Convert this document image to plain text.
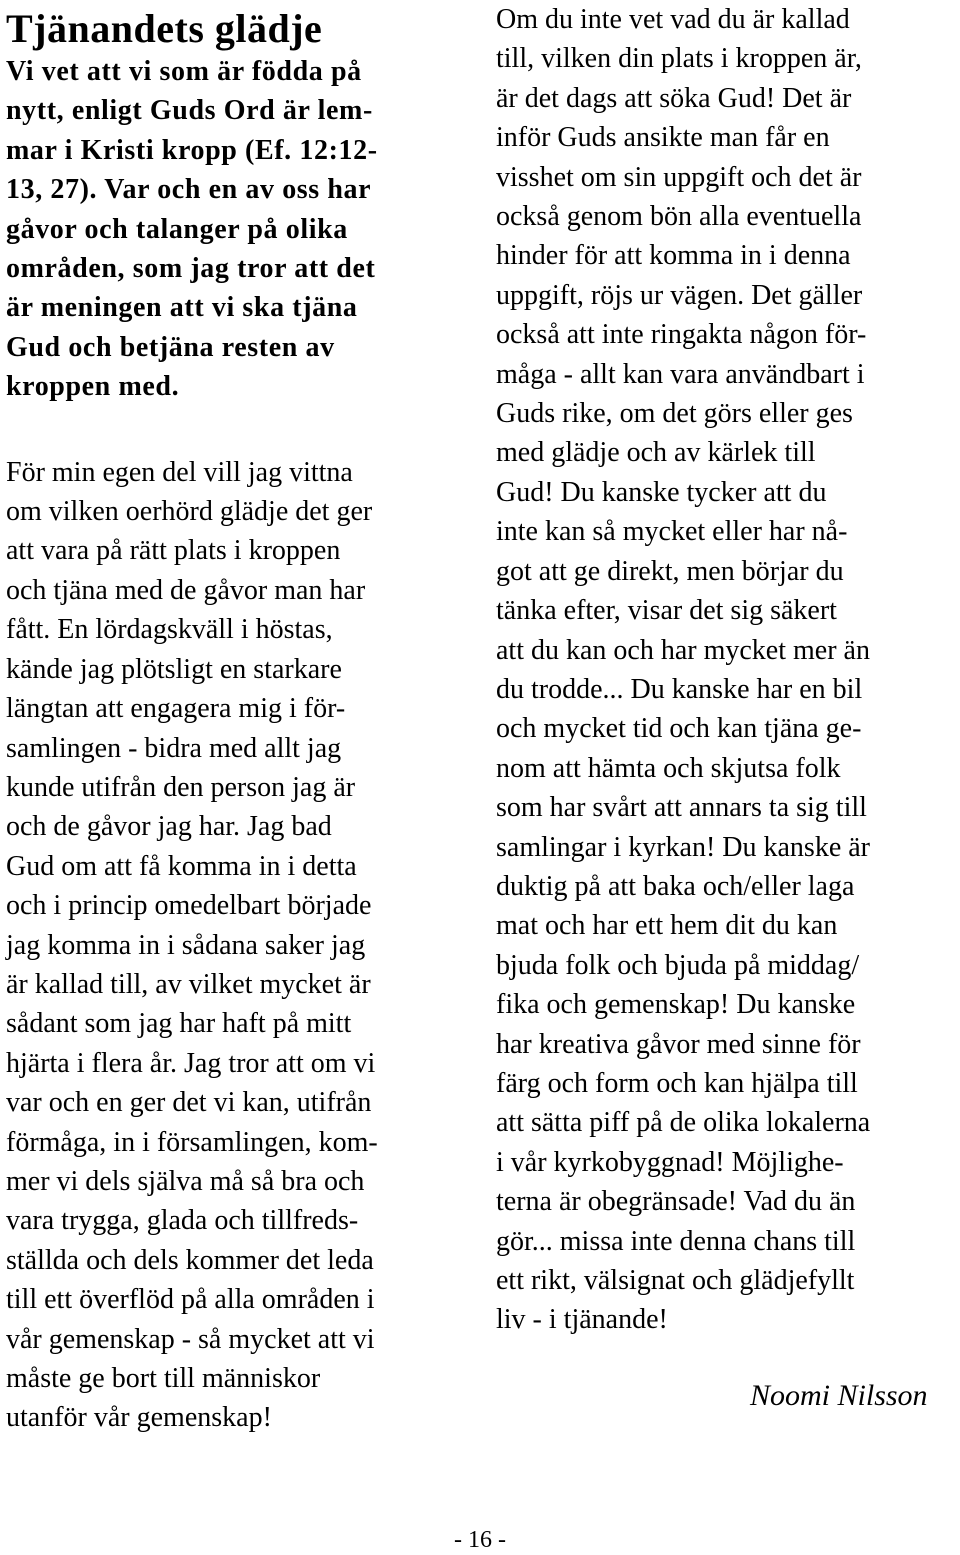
Tjänandets glädje

Vi vet att vi som är födda på
nytt, enligt Guds Ord är lem-
mar i Kristi kropp (Ef. 12:12-
13, 27). Var och en av oss har
gåvor och talanger på olika
områden, som jag tror att det
är meningen att vi ska tjäna
Gud och betjäna resten av
kroppen med.

För min egen del vill jag vittna
om vilken oerhörd glädje det ger
att vara på rätt plats i kroppen
och tjäna med de gåvor man har
fått. En lördagskväll i höstas,
kände jag plötsligt en starkare
längtan att engagera mig i för-
samlingen - bidra med allt jag
kunde utifrån den person jag är
och de gåvor jag har. Jag bad
Gud om att få komma in i detta
och i princip omedelbart började
jag komma in i sådana saker jag
är kallad till, av vilket mycket är
sådant som jag har haft på mitt
hjärta i flera år. Jag tror att om vi
var och en ger det vi kan, utifrån
förmåga, in i församlingen, kom-
mer vi dels själva må så bra och
vara trygga, glada och tillfreds-
ställda och dels kommer det leda
till ett överflöd på alla områden i
vår gemenskap - så mycket att vi
måste ge bort till människor
utanför vår gemenskap!

Om du inte vet vad du är kallad
till, vilken din plats i kroppen är,
är det dags att söka Gud! Det är
inför Guds ansikte man får en
visshet om sin uppgift och det är
också genom bön alla eventuella
hinder för att komma in i denna
uppgift, röjs ur vägen. Det gäller
också att inte ringakta någon för-
måga - allt kan vara användbart i
Guds rike, om det görs eller ges
med glädje och av kärlek till
Gud! Du kanske tycker att du
inte kan så mycket eller har nå-
got att ge direkt, men börjar du
tänka efter, visar det sig säkert
att du kan och har mycket mer än
du trodde... Du kanske har en bil
och mycket tid och kan tjäna ge-
nom att hämta och skjutsa folk
som har svårt att annars ta sig till
samlingar i kyrkan! Du kanske är
duktig på att baka och/eller laga
mat och har ett hem dit du kan
bjuda folk och bjuda på middag/
fika och gemenskap! Du kanske
har kreativa gåvor med sinne för
färg och form och kan hjälpa till
att sätta piff på de olika lokalerna
i vår kyrkobyggnad! Möjlighe-
terna är obegränsade! Vad du än
gör... missa inte denna chans till
ett rikt, välsignat och glädjefyllt
liv - i tjänande!

Noomi Nilsson
- 16 -
